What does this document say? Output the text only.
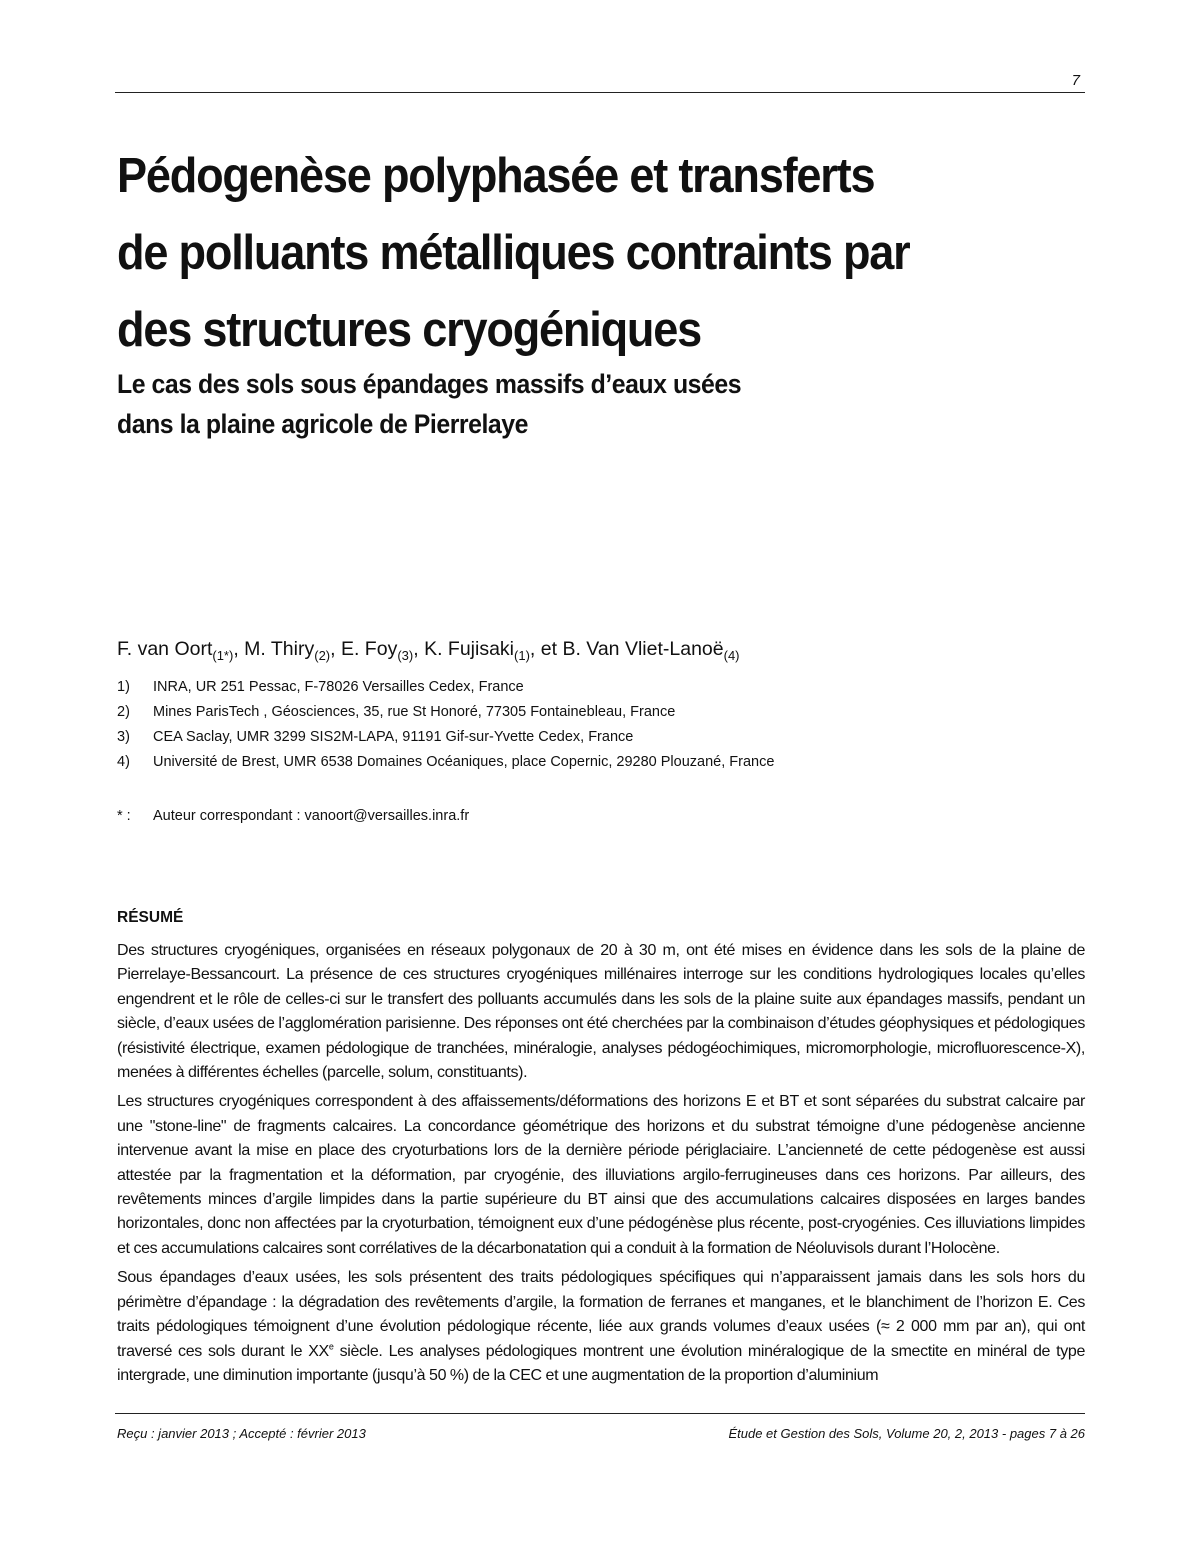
7
Pédogenèse polyphasée et transferts
de polluants métalliques contraints par
des structures cryogéniques
Le cas des sols sous épandages massifs d’eaux usées
dans la plaine agricole de Pierrelaye

F. van Oort$_{(1*)}$, M. Thiry$_{(2)}$, E. Foy$_{(3)}$, K. Fujisaki$_{(1)}$, et B. Van Vliet-Lanoë$_{(4)}$

1) INRA, UR 251 Pessac, F-78026 Versailles Cedex, France
2) Mines ParisTech , Géosciences, 35, rue St Honoré, 77305 Fontainebleau, France
3) CEA Saclay, UMR 3299 SIS2M-LAPA, 91191 Gif-sur-Yvette Cedex, France
4) Université de Brest, UMR 6538 Domaines Océaniques, place Copernic, 29280 Plouzané, France
* : Auteur correspondant : vanoort@versailles.inra.fr
RÉSUMÉ

Des structures cryogéniques, organisées en réseaux polygonaux de 20 à 30 m, ont été mises en évidence dans les sols de la plaine de Pierrelaye-Bessancourt. La présence de ces structures cryogéniques millénaires interroge sur les conditions hydrologiques locales qu’elles engendrent et le rôle de celles-ci sur le transfert des polluants accumulés dans les sols de la plaine suite aux épandages massifs, pendant un siècle, d’eaux usées de l’agglomération parisienne. Des réponses ont été cherchées par la combinaison d’études géophysiques et pédologiques (résistivité électrique, examen pédologique de tranchées, minéralogie, analyses pédogéochimiques, micromorphologie, microfluorescence-X), menées à différentes échelles (parcelle, solum, constituants).

Les structures cryogéniques correspondent à des affaissements/déformations des horizons E et BT et sont séparées du substrat calcaire par une "stone-line" de fragments calcaires. La concordance géométrique des horizons et du substrat témoigne d’une pédogenèse ancienne intervenue avant la mise en place des cryoturbations lors de la dernière période périglaciaire. L’ancienneté de cette pédogenèse est aussi attestée par la fragmentation et la déformation, par cryogénie, des illuviations argilo-ferrugineuses dans ces horizons. Par ailleurs, des revêtements minces d’argile limpides dans la partie supérieure du BT ainsi que des accumulations calcaires disposées en larges bandes horizontales, donc non affectées par la cryoturbation, témoignent eux d’une pédogénèse plus récente, post-cryogénies. Ces illuviations limpides et ces accumulations calcaires sont corrélatives de la décarbonatation qui a conduit à la formation de Néoluvisols durant l’Holocène.

Sous épandages d’eaux usées, les sols présentent des traits pédologiques spécifiques qui n’apparaissent jamais dans les sols hors du périmètre d’épandage : la dégradation des revêtements d’argile, la formation de ferranes et manganes, et le blanchiment de l’horizon E. Ces traits pédologiques témoignent d’une évolution pédologique récente, liée aux grands volumes d’eaux usées (≈ 2 000 mm par an), qui ont traversé ces sols durant le XXe siècle. Les analyses pédologiques montrent une évolution minéralogique de la smectite en minéral de type intergrade, une diminution importante (jusqu’à 50 %) de la CEC et une augmentation de la proportion d’aluminium

Reçu : janvier 2013 ; Accepté : février 2013	Étude et Gestion des Sols, Volume 20, 2, 2013 - pages 7 à 26
